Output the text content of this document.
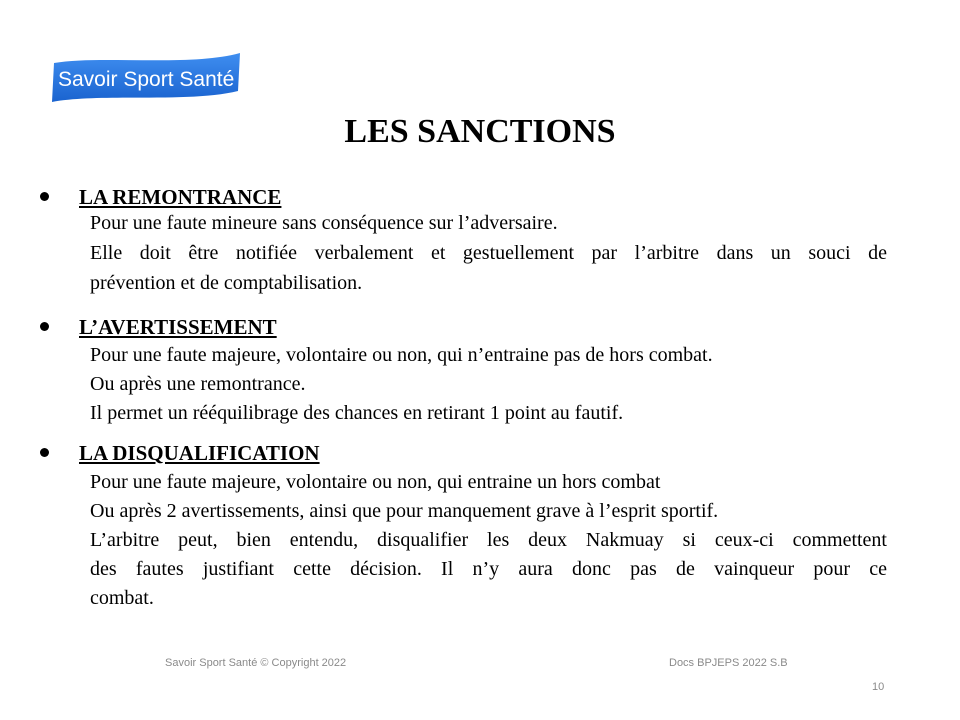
Savoir Sport Santé
LES SANCTIONS
LA REMONTRANCE
Pour une faute mineure sans conséquence sur l’adversaire.
Elle doit être notifiée verbalement et gestuellement par l’arbitre dans un souci de
prévention et de comptabilisation.
L’AVERTISSEMENT
Pour une faute majeure, volontaire ou non, qui n’entraine pas de hors combat.
Ou après une remontrance.
Il permet un rééquilibrage des chances en retirant 1 point au fautif.
LA DISQUALIFICATION
Pour une faute majeure, volontaire ou non, qui entraine un hors combat
Ou après 2 avertissements, ainsi que pour manquement grave à l’esprit sportif.
L’arbitre peut, bien entendu, disqualifier les deux Nakmuay si ceux-ci commettent
des fautes justifiant cette décision. Il n’y aura donc pas de vainqueur pour ce
combat.
Savoir Sport Santé © Copyright 2022	Docs BPJEPS 2022 S.B
10
